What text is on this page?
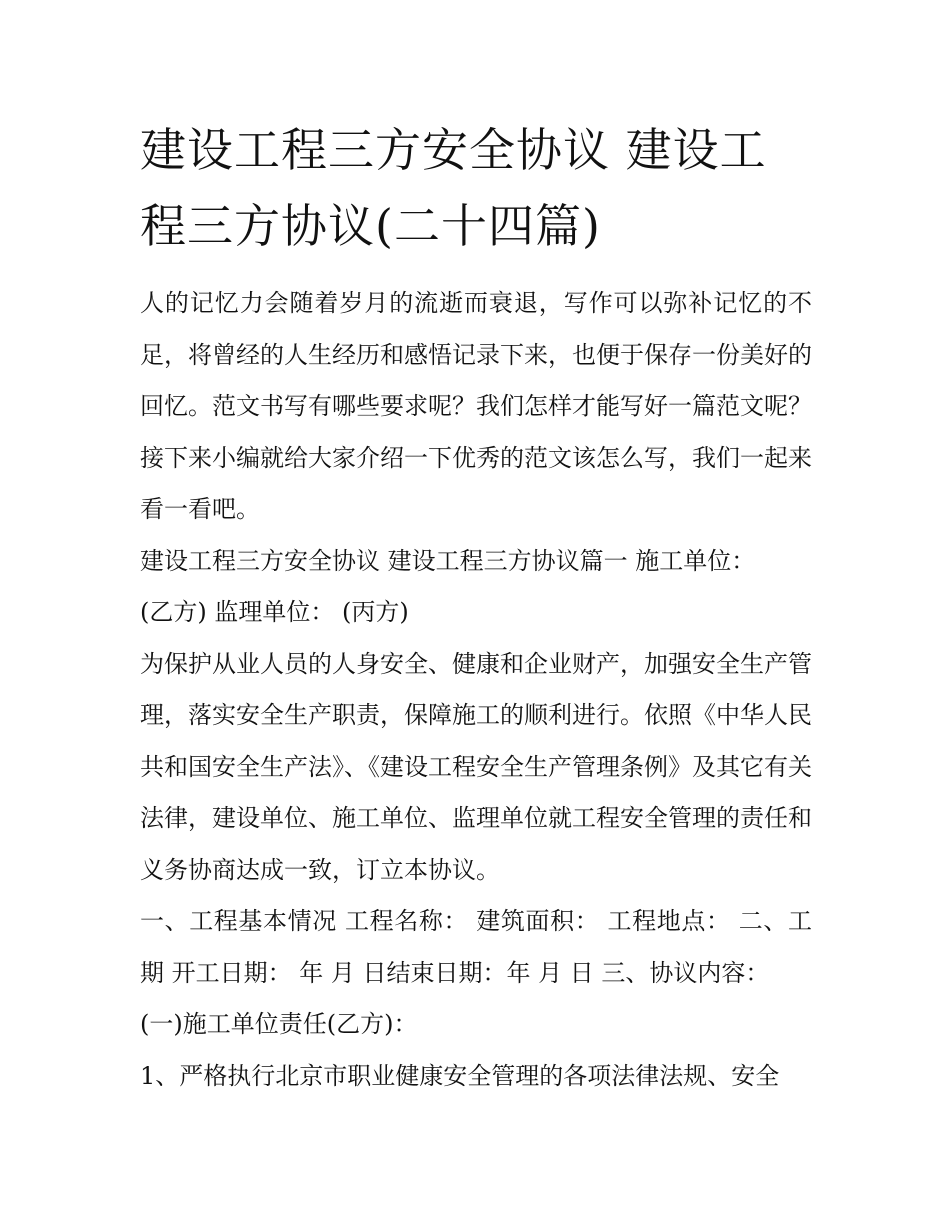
建设工程三方安全协议 建设工程三方协议(二十四篇)

人的记忆力会随着岁月的流逝而衰退，写作可以弥补记忆的不足，将曾经的人生经历和感悟记录下来，也便于保存一份美好的回忆。范文书写有哪些要求呢？我们怎样才能写好一篇范文呢？接下来小编就给大家介绍一下优秀的范文该怎么写，我们一起来看一看吧。

建设工程三方安全协议 建设工程三方协议篇一 施工单位：

(乙方) 监理单位： (丙方)

为保护从业人员的人身安全、健康和企业财产，加强安全生产管理，落实安全生产职责，保障施工的顺利进行。依照《中华人民共和国安全生产法》、《建设工程安全生产管理条例》及其它有关法律，建设单位、施工单位、监理单位就工程安全管理的责任和义务协商达成一致，订立本协议。

一、工程基本情况 工程名称： 建筑面积： 工程地点： 二、工期 开工日期： 年 月 日结束日期：年 月 日 三、协议内容：

(一)施工单位责任(乙方)：

1、严格执行北京市职业健康安全管理的各项法律法规、安全
